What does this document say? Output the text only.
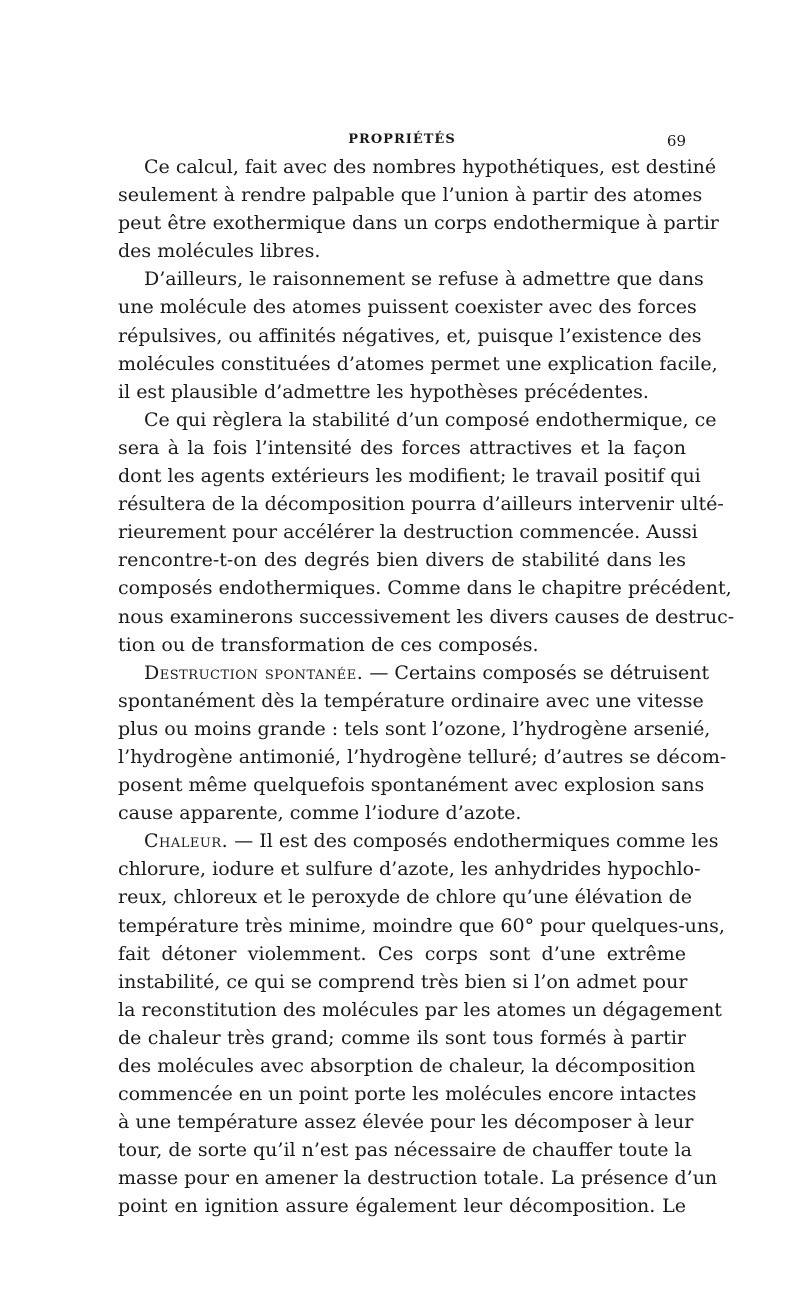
PROPRIÉTÉS	69
Ce calcul, fait avec des nombres hypothétiques, est destiné
seulement à rendre palpable que l’union à partir des atomes
peut être exothermique dans un corps endothermique à partir
des molécules libres.
D’ailleurs, le raisonnement se refuse à admettre que dans
une molécule des atomes puissent coexister avec des forces
répulsives, ou affinités négatives, et, puisque l’existence des
molécules constituées d’atomes permet une explication facile,
il est plausible d’admettre les hypothèses précédentes.
Ce qui règlera la stabilité d’un composé endothermique, ce
sera à la fois l’intensité des forces attractives et la façon
dont les agents extérieurs les modifient; le travail positif qui
résultera de la décomposition pourra d’ailleurs intervenir ulté-
rieurement pour accélérer la destruction commencée. Aussi
rencontre-t-on des degrés bien divers de stabilité dans les
composés endothermiques. Comme dans le chapitre précédent,
nous examinerons successivement les divers causes de destruc-
tion ou de transformation de ces composés.
Destruction spontanée. — Certains composés se détruisent
spontanément dès la température ordinaire avec une vitesse
plus ou moins grande : tels sont l’ozone, l’hydrogène arsenié,
l’hydrogène antimonié, l’hydrogène telluré; d’autres se décom-
posent même quelquefois spontanément avec explosion sans
cause apparente, comme l’iodure d’azote.
Chaleur. — Il est des composés endothermiques comme les
chlorure, iodure et sulfure d’azote, les anhydrides hypochlo-
reux, chloreux et le peroxyde de chlore qu’une élévation de
température très minime, moindre que 60° pour quelques-uns,
fait détoner violemment. Ces corps sont d’une extrême
instabilité, ce qui se comprend très bien si l’on admet pour
la reconstitution des molécules par les atomes un dégagement
de chaleur très grand; comme ils sont tous formés à partir
des molécules avec absorption de chaleur, la décomposition
commencée en un point porte les molécules encore intactes
à une température assez élevée pour les décomposer à leur
tour, de sorte qu’il n’est pas nécessaire de chauffer toute la
masse pour en amener la destruction totale. La présence d’un
point en ignition assure également leur décomposition. Le
